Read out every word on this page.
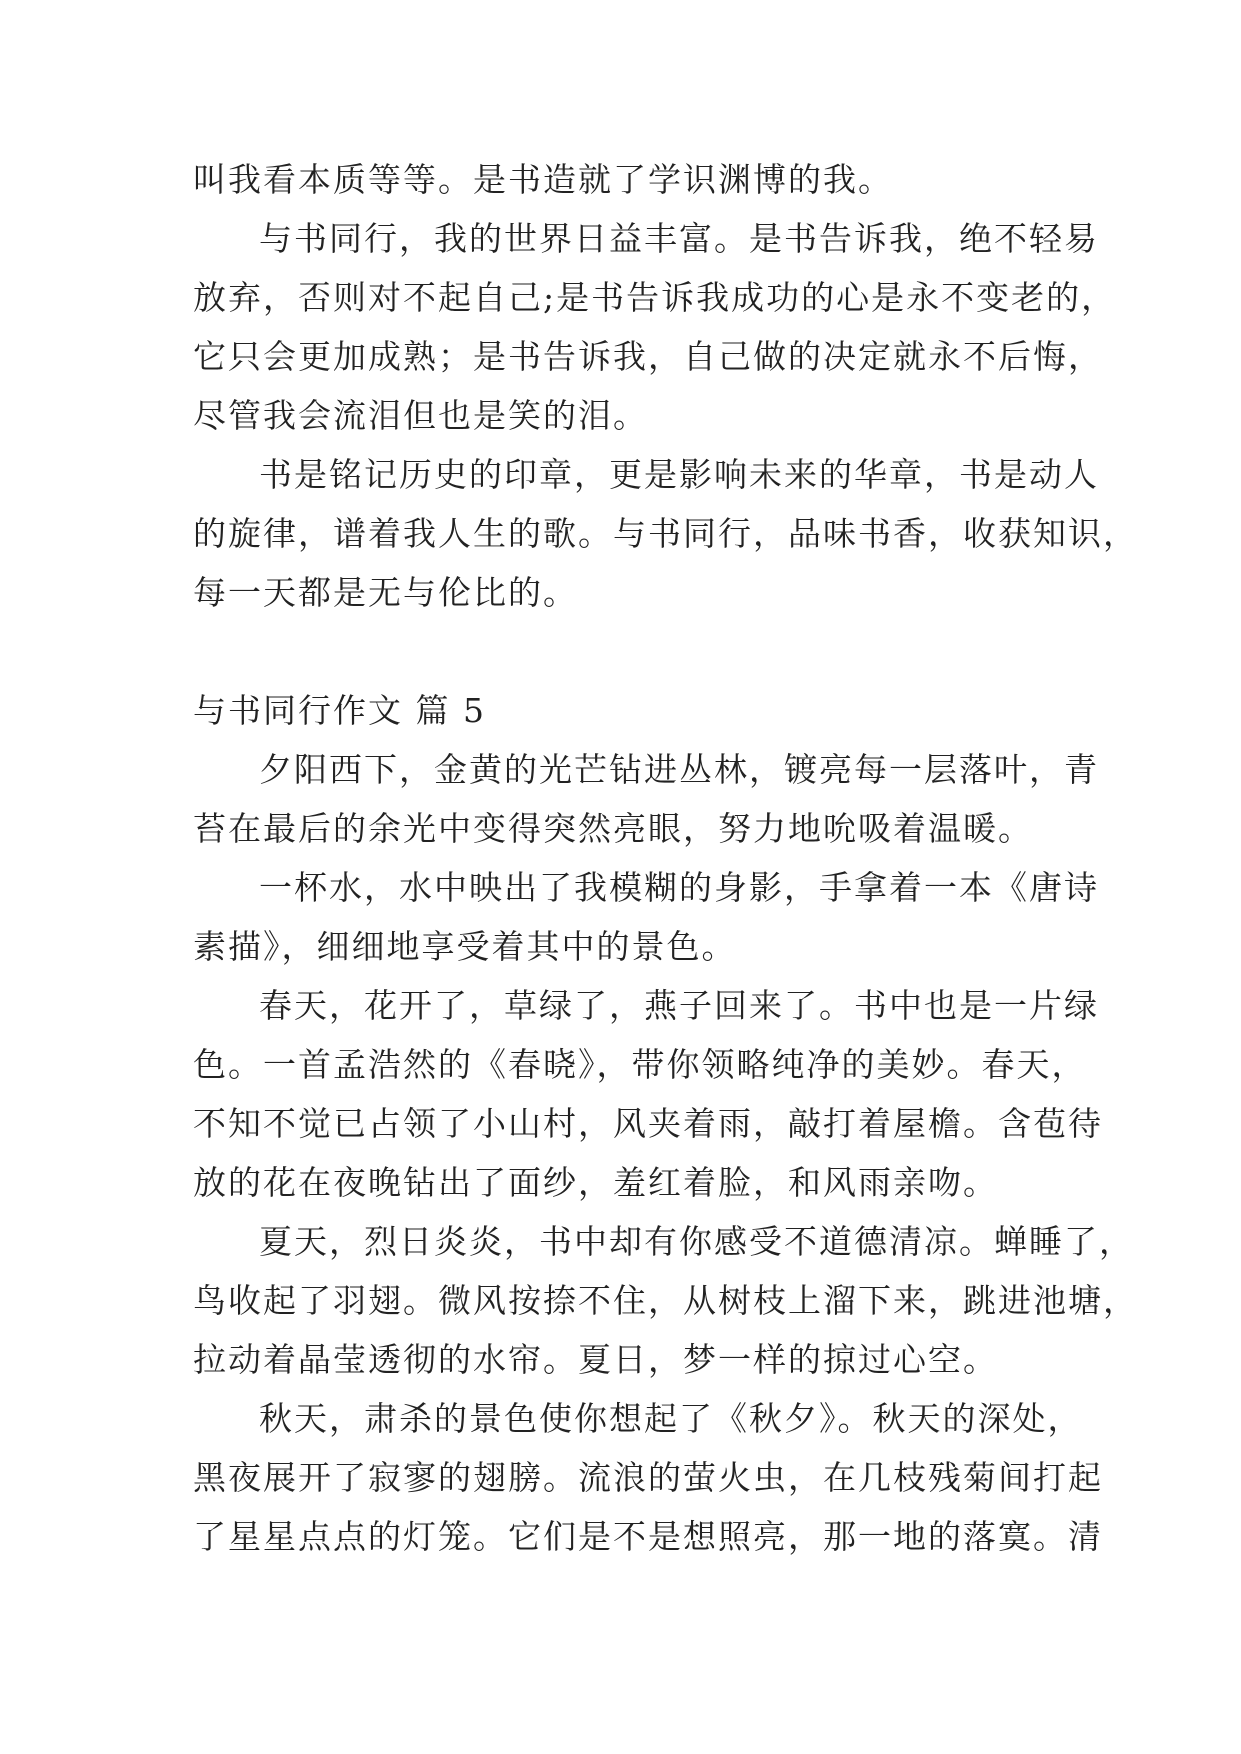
叫我看本质等等。是书造就了学识渊博的我。
与书同行，我的世界日益丰富。是书告诉我，绝不轻易
放弃，否则对不起自己;是书告诉我成功的心是永不变老的，
它只会更加成熟；是书告诉我，自己做的决定就永不后悔，
尽管我会流泪但也是笑的泪。
书是铭记历史的印章，更是影响未来的华章，书是动人
的旋律，谱着我人生的歌。与书同行，品味书香，收获知识，
每一天都是无与伦比的。
与书同行作文 篇 5
夕阳西下，金黄的光芒钻进丛林，镀亮每一层落叶，青
苔在最后的余光中变得突然亮眼，努力地吮吸着温暖。
一杯水，水中映出了我模糊的身影，手拿着一本《唐诗
素描》，细细地享受着其中的景色。
春天，花开了，草绿了，燕子回来了。书中也是一片绿
色。一首孟浩然的《春晓》，带你领略纯净的美妙。春天，
不知不觉已占领了小山村，风夹着雨，敲打着屋檐。含苞待
放的花在夜晚钻出了面纱，羞红着脸，和风雨亲吻。
夏天，烈日炎炎，书中却有你感受不道德清凉。蝉睡了，
鸟收起了羽翅。微风按捺不住，从树枝上溜下来，跳进池塘，
拉动着晶莹透彻的水帘。夏日，梦一样的掠过心空。
秋天，肃杀的景色使你想起了《秋夕》。秋天的深处，
黑夜展开了寂寥的翅膀。流浪的萤火虫，在几枝残菊间打起
了星星点点的灯笼。它们是不是想照亮，那一地的落寞。清
